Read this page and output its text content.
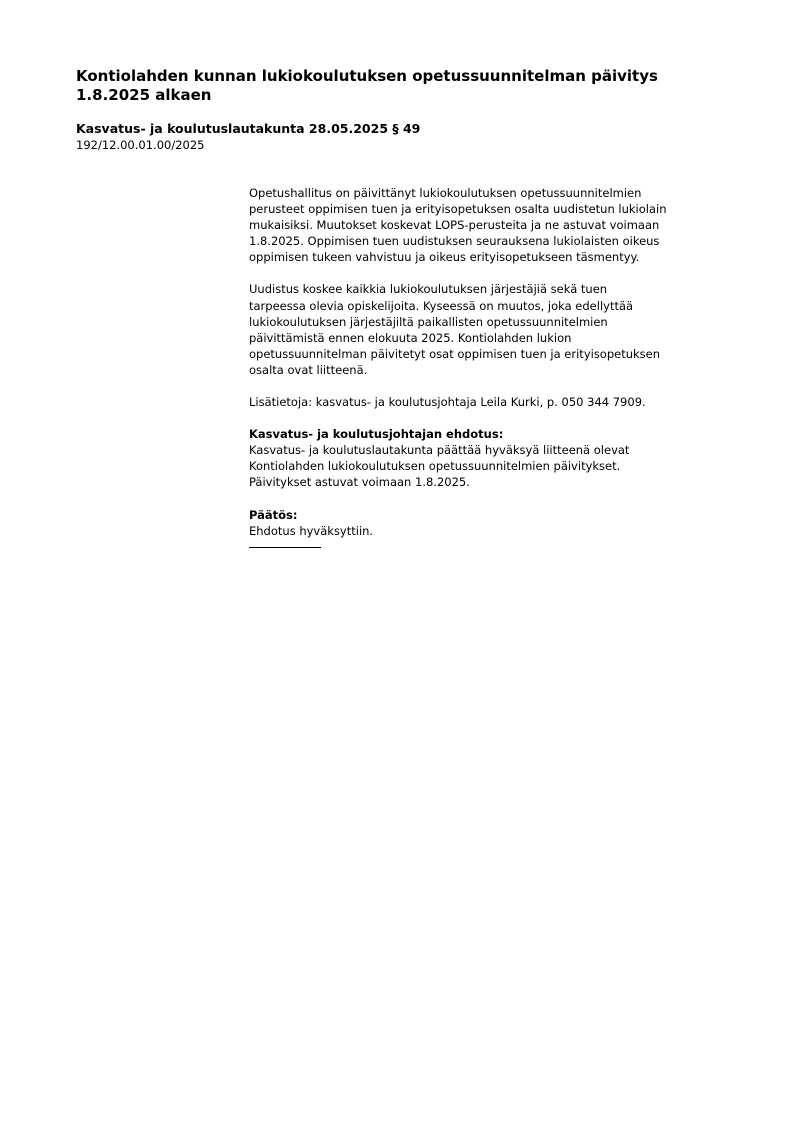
Kontiolahden kunnan lukiokoulutuksen opetussuunnitelman päivitys 1.8.2025 alkaen
Kasvatus- ja koulutuslautakunta 28.05.2025 § 49
192/12.00.01.00/2025

Opetushallitus on päivittänyt lukiokoulutuksen opetussuunnitelmien
perusteet oppimisen tuen ja erityisopetuksen osalta uudistetun lukiolain
mukaisiksi. Muutokset koskevat LOPS-perusteita ja ne astuvat voimaan
1.8.2025. Oppimisen tuen uudistuksen seurauksena lukiolaisten oikeus
oppimisen tukeen vahvistuu ja oikeus erityisopetukseen täsmentyy.

Uudistus koskee kaikkia lukiokoulutuksen järjestäjiä sekä tuen
tarpeessa olevia opiskelijoita. Kyseessä on muutos, joka edellyttää
lukiokoulutuksen järjestäjiltä paikallisten opetussuunnitelmien
päivittämistä ennen elokuuta 2025. Kontiolahden lukion
opetussuunnitelman päivitetyt osat oppimisen tuen ja erityisopetuksen
osalta ovat liitteenä.

Lisätietoja: kasvatus- ja koulutusjohtaja Leila Kurki, p. 050 344 7909.

Kasvatus- ja koulutusjohtajan ehdotus:
Kasvatus- ja koulutuslautakunta päättää hyväksyä liitteenä olevat
Kontiolahden lukiokoulutuksen opetussuunnitelmien päivitykset.
Päivitykset astuvat voimaan 1.8.2025.

Päätös:
Ehdotus hyväksyttiin.
